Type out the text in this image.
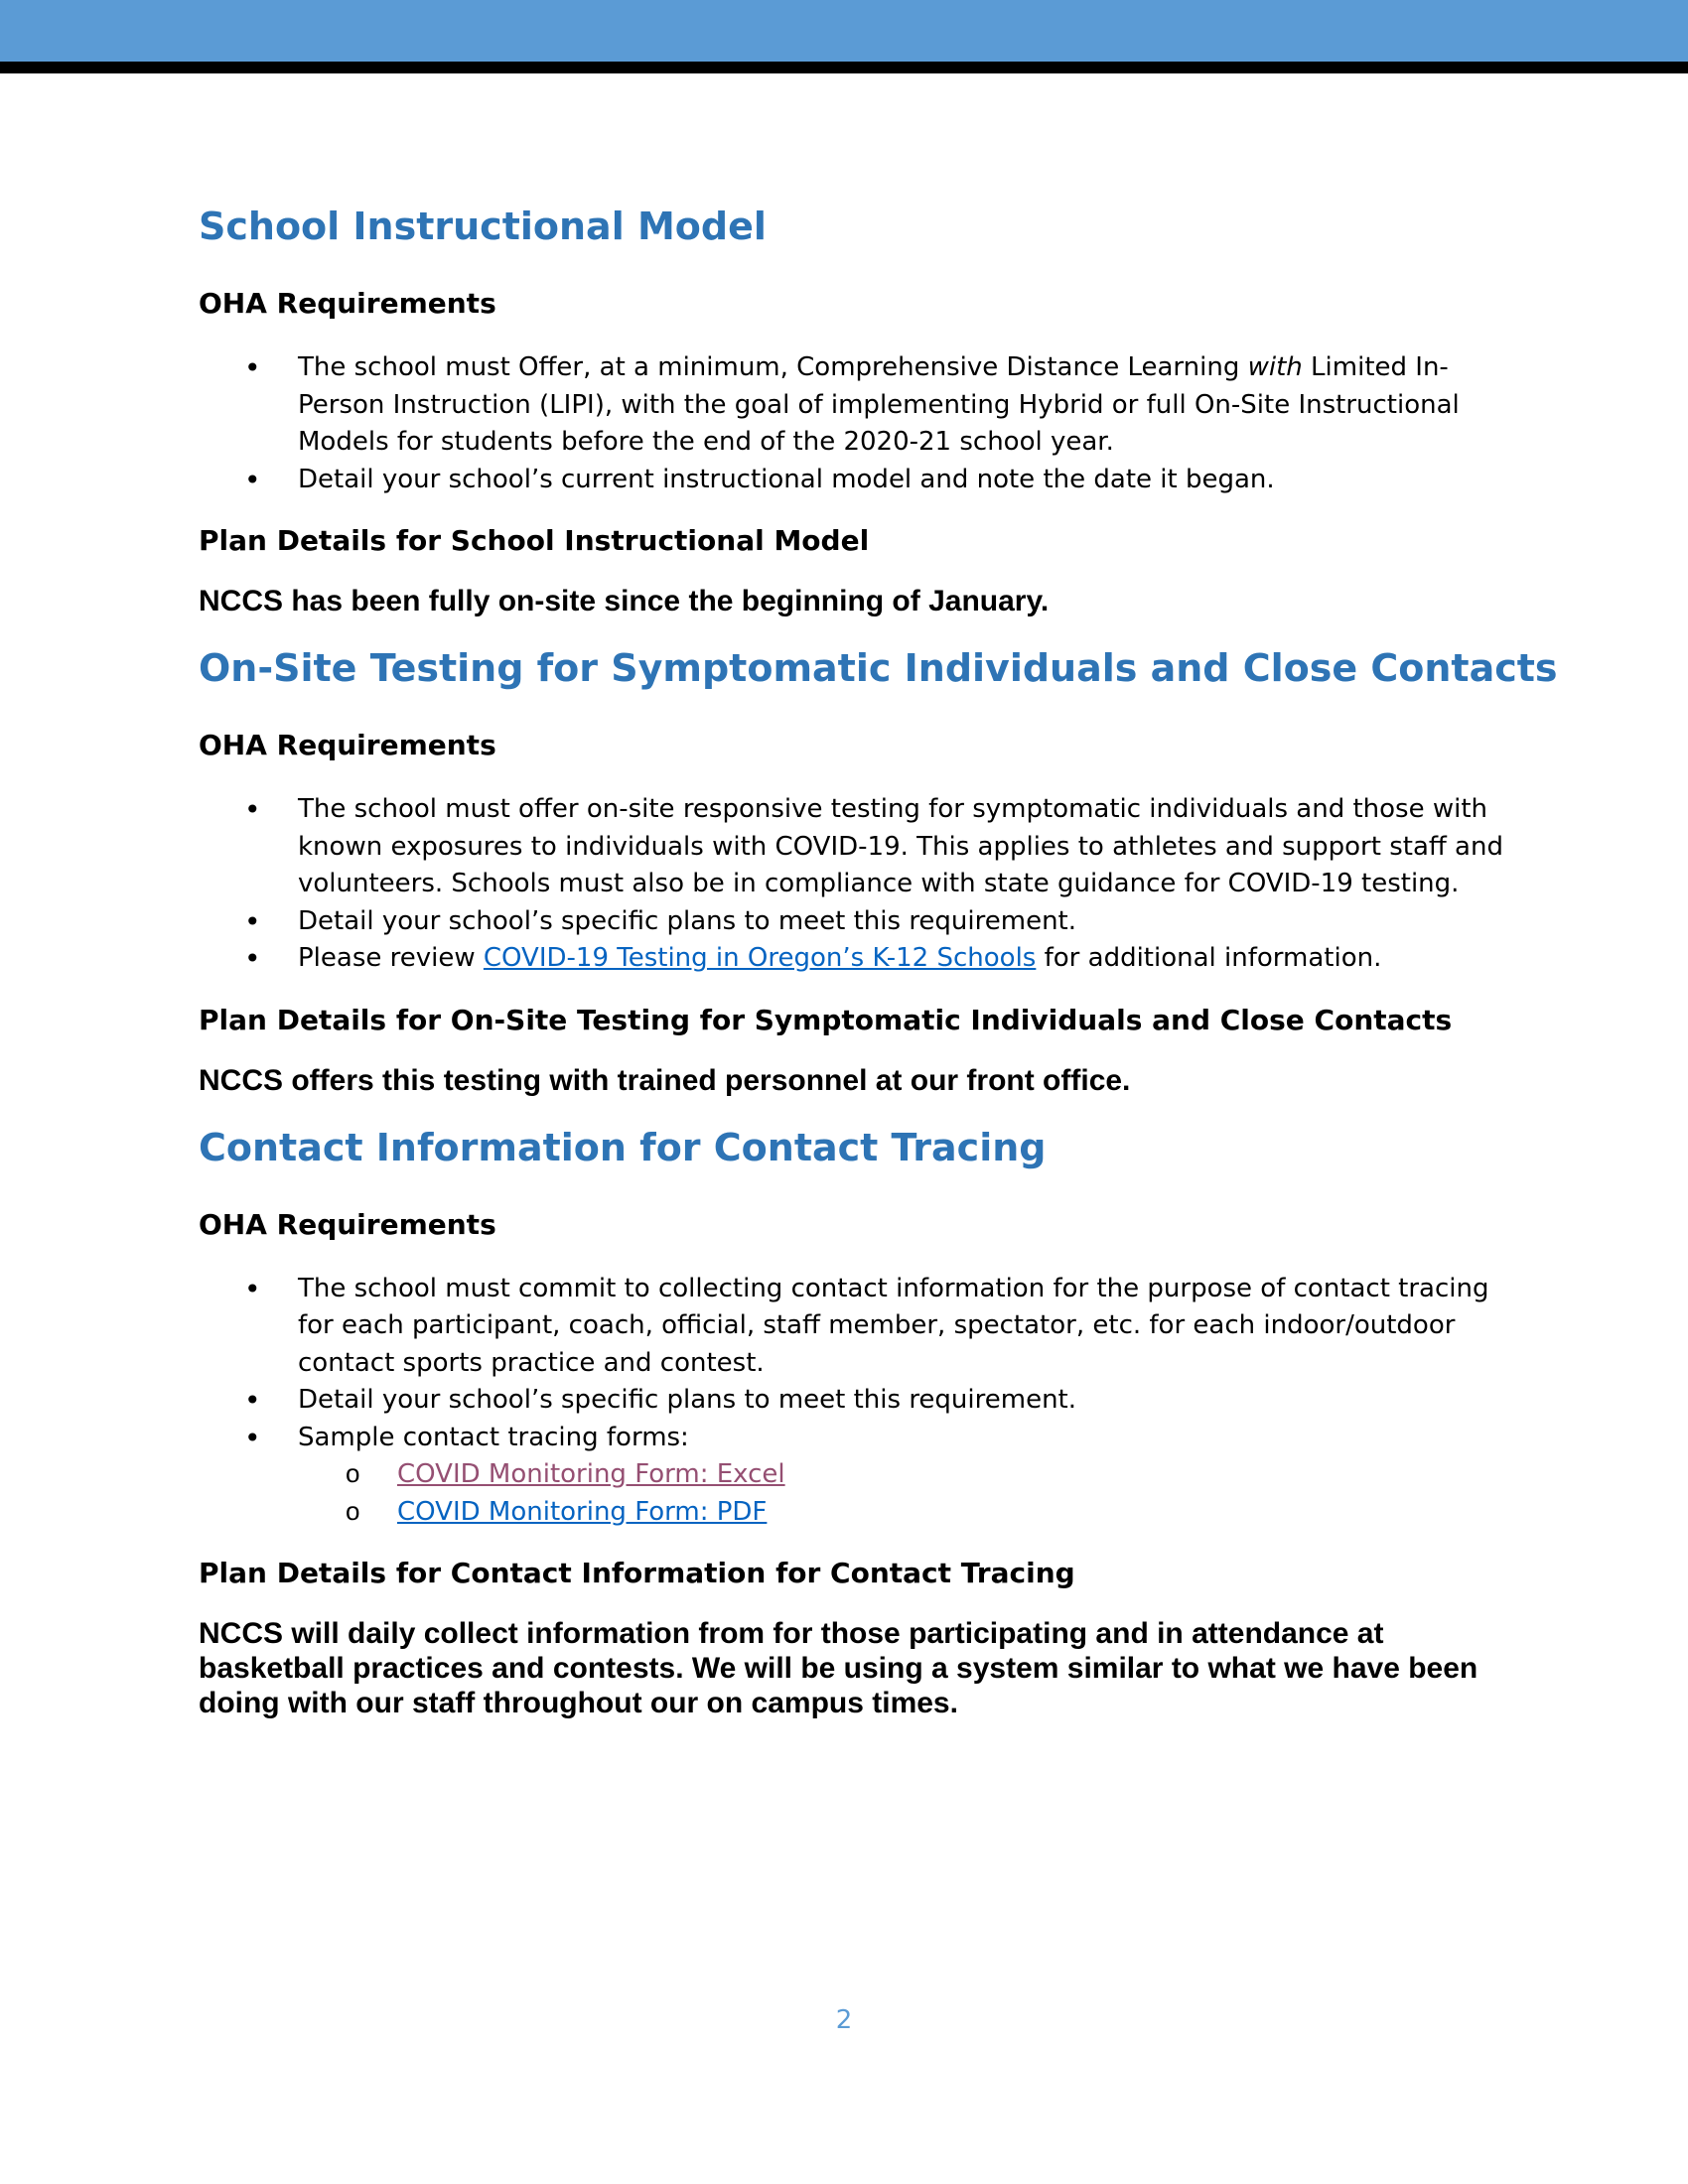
School Instructional Model
OHA Requirements
• The school must Offer, at a minimum, Comprehensive Distance Learning with Limited In-Person Instruction (LIPI), with the goal of implementing Hybrid or full On-Site Instructional Models for students before the end of the 2020-21 school year.
• Detail your school’s current instructional model and note the date it began.
Plan Details for School Instructional Model

NCCS has been fully on-site since the beginning of January.

On-Site Testing for Symptomatic Individuals and Close Contacts
OHA Requirements
• The school must offer on-site responsive testing for symptomatic individuals and those with known exposures to individuals with COVID-19. This applies to athletes and support staff and volunteers. Schools must also be in compliance with state guidance for COVID-19 testing.
• Detail your school’s specific plans to meet this requirement.
• Please review COVID-19 Testing in Oregon’s K-12 Schools for additional information.
Plan Details for On-Site Testing for Symptomatic Individuals and Close Contacts

NCCS offers this testing with trained personnel at our front office.

Contact Information for Contact Tracing
OHA Requirements
• The school must commit to collecting contact information for the purpose of contact tracing for each participant, coach, official, staff member, spectator, etc. for each indoor/outdoor contact sports practice and contest.
• Detail your school’s specific plans to meet this requirement.
• Sample contact tracing forms:
o COVID Monitoring Form: Excel
o COVID Monitoring Form: PDF
Plan Details for Contact Information for Contact Tracing

NCCS will daily collect information from for those participating and in attendance at basketball practices and contests. We will be using a system similar to what we have been doing with our staff throughout our on campus times.

2
